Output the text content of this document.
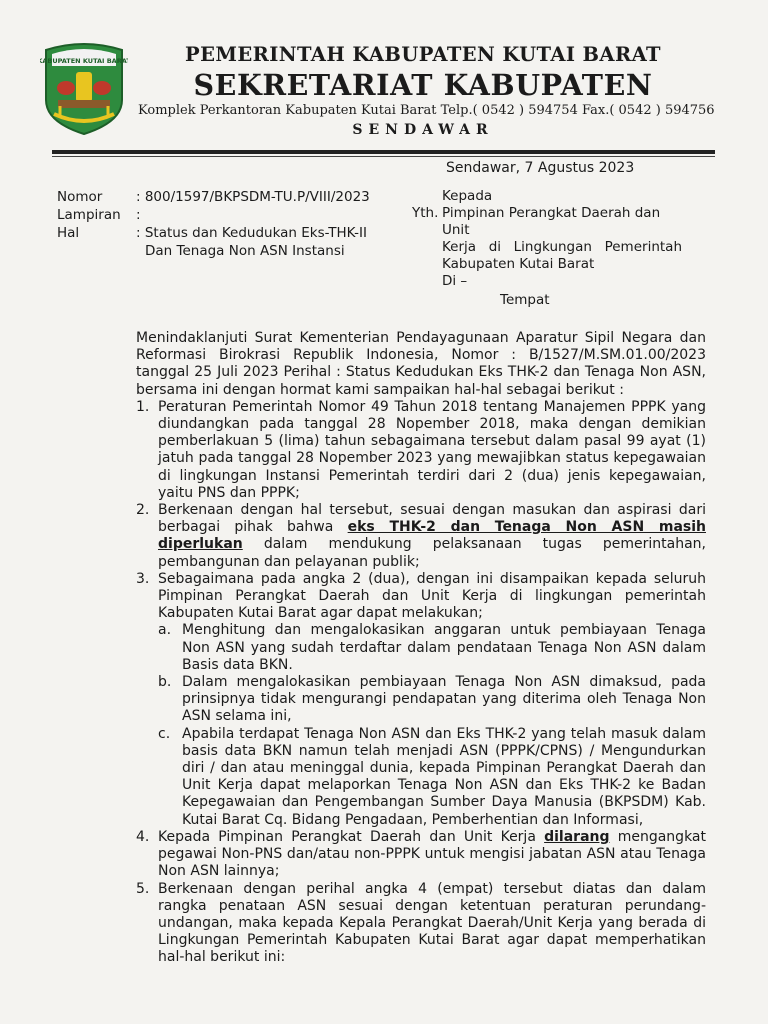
KABUPATEN KUTAI BARAT	PEMERINTAH KABUPATEN KUTAI BARAT
SEKRETARIAT KABUPATEN
Komplek Perkantoran Kabupaten Kutai Barat Telp.( 0542 ) 594754 Fax.( 0542 ) 594756
SENDAWAR
Sendawar, 7 Agustus 2023
Nomor : 800/1597/BKPSDM-TU.P/VIII/2023
Lampiran :
Hal	: Status dan Kedudukan Eks-THK-II
Dan Tenaga Non ASN Instansi
Kepada
Yth. Pimpinan Perangkat Daerah dan Unit
Kerja di Lingkungan Pemerintah
Kabupaten Kutai Barat
Di –
Tempat

Menindaklanjuti Surat Kementerian Pendayagunaan Aparatur Sipil Negara dan Reformasi Birokrasi Republik Indonesia, Nomor : B/1527/M.SM.01.00/2023 tanggal 25 Juli 2023 Perihal : Status Kedudukan Eks THK-2 dan Tenaga Non ASN, bersama ini dengan hormat kami sampaikan hal-hal sebagai berikut :

1. Peraturan Pemerintah Nomor 49 Tahun 2018 tentang Manajemen PPPK yang diundangkan pada tanggal 28 Nopember 2018, maka dengan demikian pemberlakuan 5 (lima) tahun sebagaimana tersebut dalam pasal 99 ayat (1) jatuh pada tanggal 28 Nopember 2023 yang mewajibkan status kepegawaian di lingkungan Instansi Pemerintah terdiri dari 2 (dua) jenis kepegawaian, yaitu PNS dan PPPK;
2. Berkenaan dengan hal tersebut, sesuai dengan masukan dan aspirasi dari berbagai pihak bahwa eks THK-2 dan Tenaga Non ASN masih diperlukan dalam mendukung pelaksanaan tugas pemerintahan, pembangunan dan pelayanan publik;
3. Sebagaimana pada angka 2 (dua), dengan ini disampaikan kepada seluruh Pimpinan Perangkat Daerah dan Unit Kerja di lingkungan pemerintah Kabupaten Kutai Barat agar dapat melakukan;
a. Menghitung dan mengalokasikan anggaran untuk pembiayaan Tenaga Non ASN yang sudah terdaftar dalam pendataan Tenaga Non ASN dalam Basis data BKN.
b. Dalam mengalokasikan pembiayaan Tenaga Non ASN dimaksud, pada prinsipnya tidak mengurangi pendapatan yang diterima oleh Tenaga Non ASN selama ini,
c. Apabila terdapat Tenaga Non ASN dan Eks THK-2 yang telah masuk dalam basis data BKN namun telah menjadi ASN (PPPK/CPNS) / Mengundurkan diri / dan atau meninggal dunia, kepada Pimpinan Perangkat Daerah dan Unit Kerja dapat melaporkan Tenaga Non ASN dan Eks THK-2 ke Badan Kepegawaian dan Pengembangan Sumber Daya Manusia (BKPSDM) Kab. Kutai Barat Cq. Bidang Pengadaan, Pemberhentian dan Informasi,
4. Kepada Pimpinan Perangkat Daerah dan Unit Kerja dilarang mengangkat pegawai Non-PNS dan/atau non-PPPK untuk mengisi jabatan ASN atau Tenaga Non ASN lainnya;
5. Berkenaan dengan perihal angka 4 (empat) tersebut diatas dan dalam rangka penataan ASN sesuai dengan ketentuan peraturan perundang-undangan, maka kepada Kepala Perangkat Daerah/Unit Kerja yang berada di Lingkungan Pemerintah Kabupaten Kutai Barat agar dapat memperhatikan hal-hal berikut ini:
